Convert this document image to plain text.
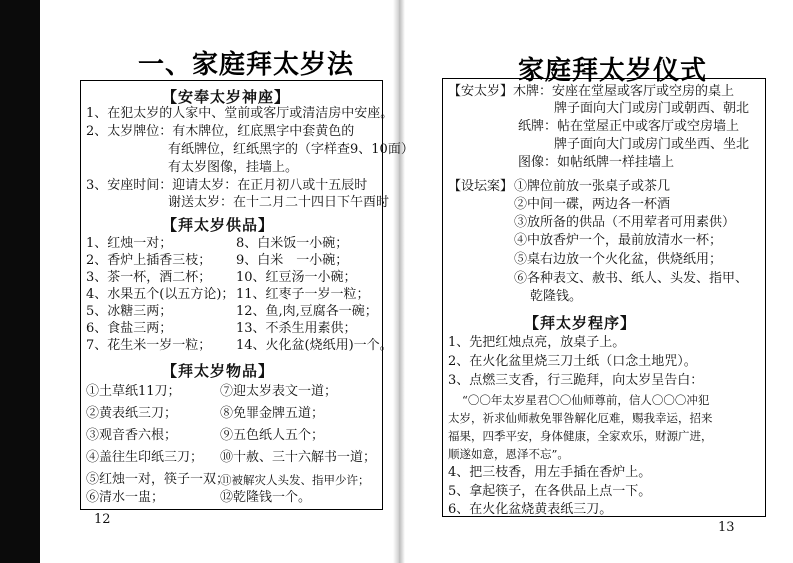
一、家庭拜太岁法
【安奉太岁神座】
1、在犯太岁的人家中、堂前或客厅或清洁房中安座。
2、太岁牌位：有木牌位，红底黑字中套黄色的
有纸牌位，红纸黑字的（字样查9、10面）
有太岁图像，挂墙上。
3、安座时间：迎请太岁：在正月初八或十五辰时
谢送太岁：在十二月二十四日下午酉时
【拜太岁供品】
1、红烛一对；
2、香炉上插香三枝；
3、茶一杯，酒二杯；
4、水果五个(以五方论)；
5、冰糖三两；
6、食盐三两；
7、花生米一岁一粒；
8、白米饭一小碗；
9、白米　一小碗；
10、红豆汤一小碗；
11、红枣子一岁一粒；
12、鱼,肉,豆腐各一碗；
13、不杀生用素供；
14、火化盆(烧纸用)一个。
【拜太岁物品】
①土草纸11刀；
②黄表纸三刀；
③观音香六根；
④盖往生印纸三刀；
⑤红烛一对，筷子一双；
⑥清水一盅；
⑦迎太岁表文一道；
⑧免罪金牌五道；
⑨五色纸人五个；
⑩十赦、三十六解书一道；
⑪被解灾人头发、指甲少许；
⑫乾隆钱一个。
12
家庭拜太岁仪式
【安太岁】木牌：安座在堂屋或客厅或空房的桌上
牌子面向大门或房门或朝西、朝北
纸牌：帖在堂屋正中或客厅或空房墙上
牌子面向大门或房门或坐西、坐北
图像：如帖纸牌一样挂墙上
【设坛案】 ①牌位前放一张桌子或茶几
②中间一碟，两边各一杯酒
③放所备的供品（不用荤者可用素供）
④中放香炉一个，最前放清水一杯；
⑤桌右边放一个火化盆，供烧纸用；
⑥各种表文、赦书、纸人、头发、指甲、
乾隆钱。
【拜太岁程序】
1、先把红烛点亮，放桌子上。
2、在火化盆里烧三刀土纸（口念土地咒）。
3、点燃三支香，行三跪拜，向太岁呈告白：
“〇〇年太岁星君〇〇仙师尊前，信人〇〇〇冲犯
太岁，祈求仙师赦免罪咎解化厄难，赐我幸运，招来
福果，四季平安，身体健康，全家欢乐，财源广进，
顺遂如意，恩泽不忘”。
4、把三枝香，用左手插在香炉上。
5、拿起筷子，在各供品上点一下。
6、在火化盆烧黄表纸三刀。
13
